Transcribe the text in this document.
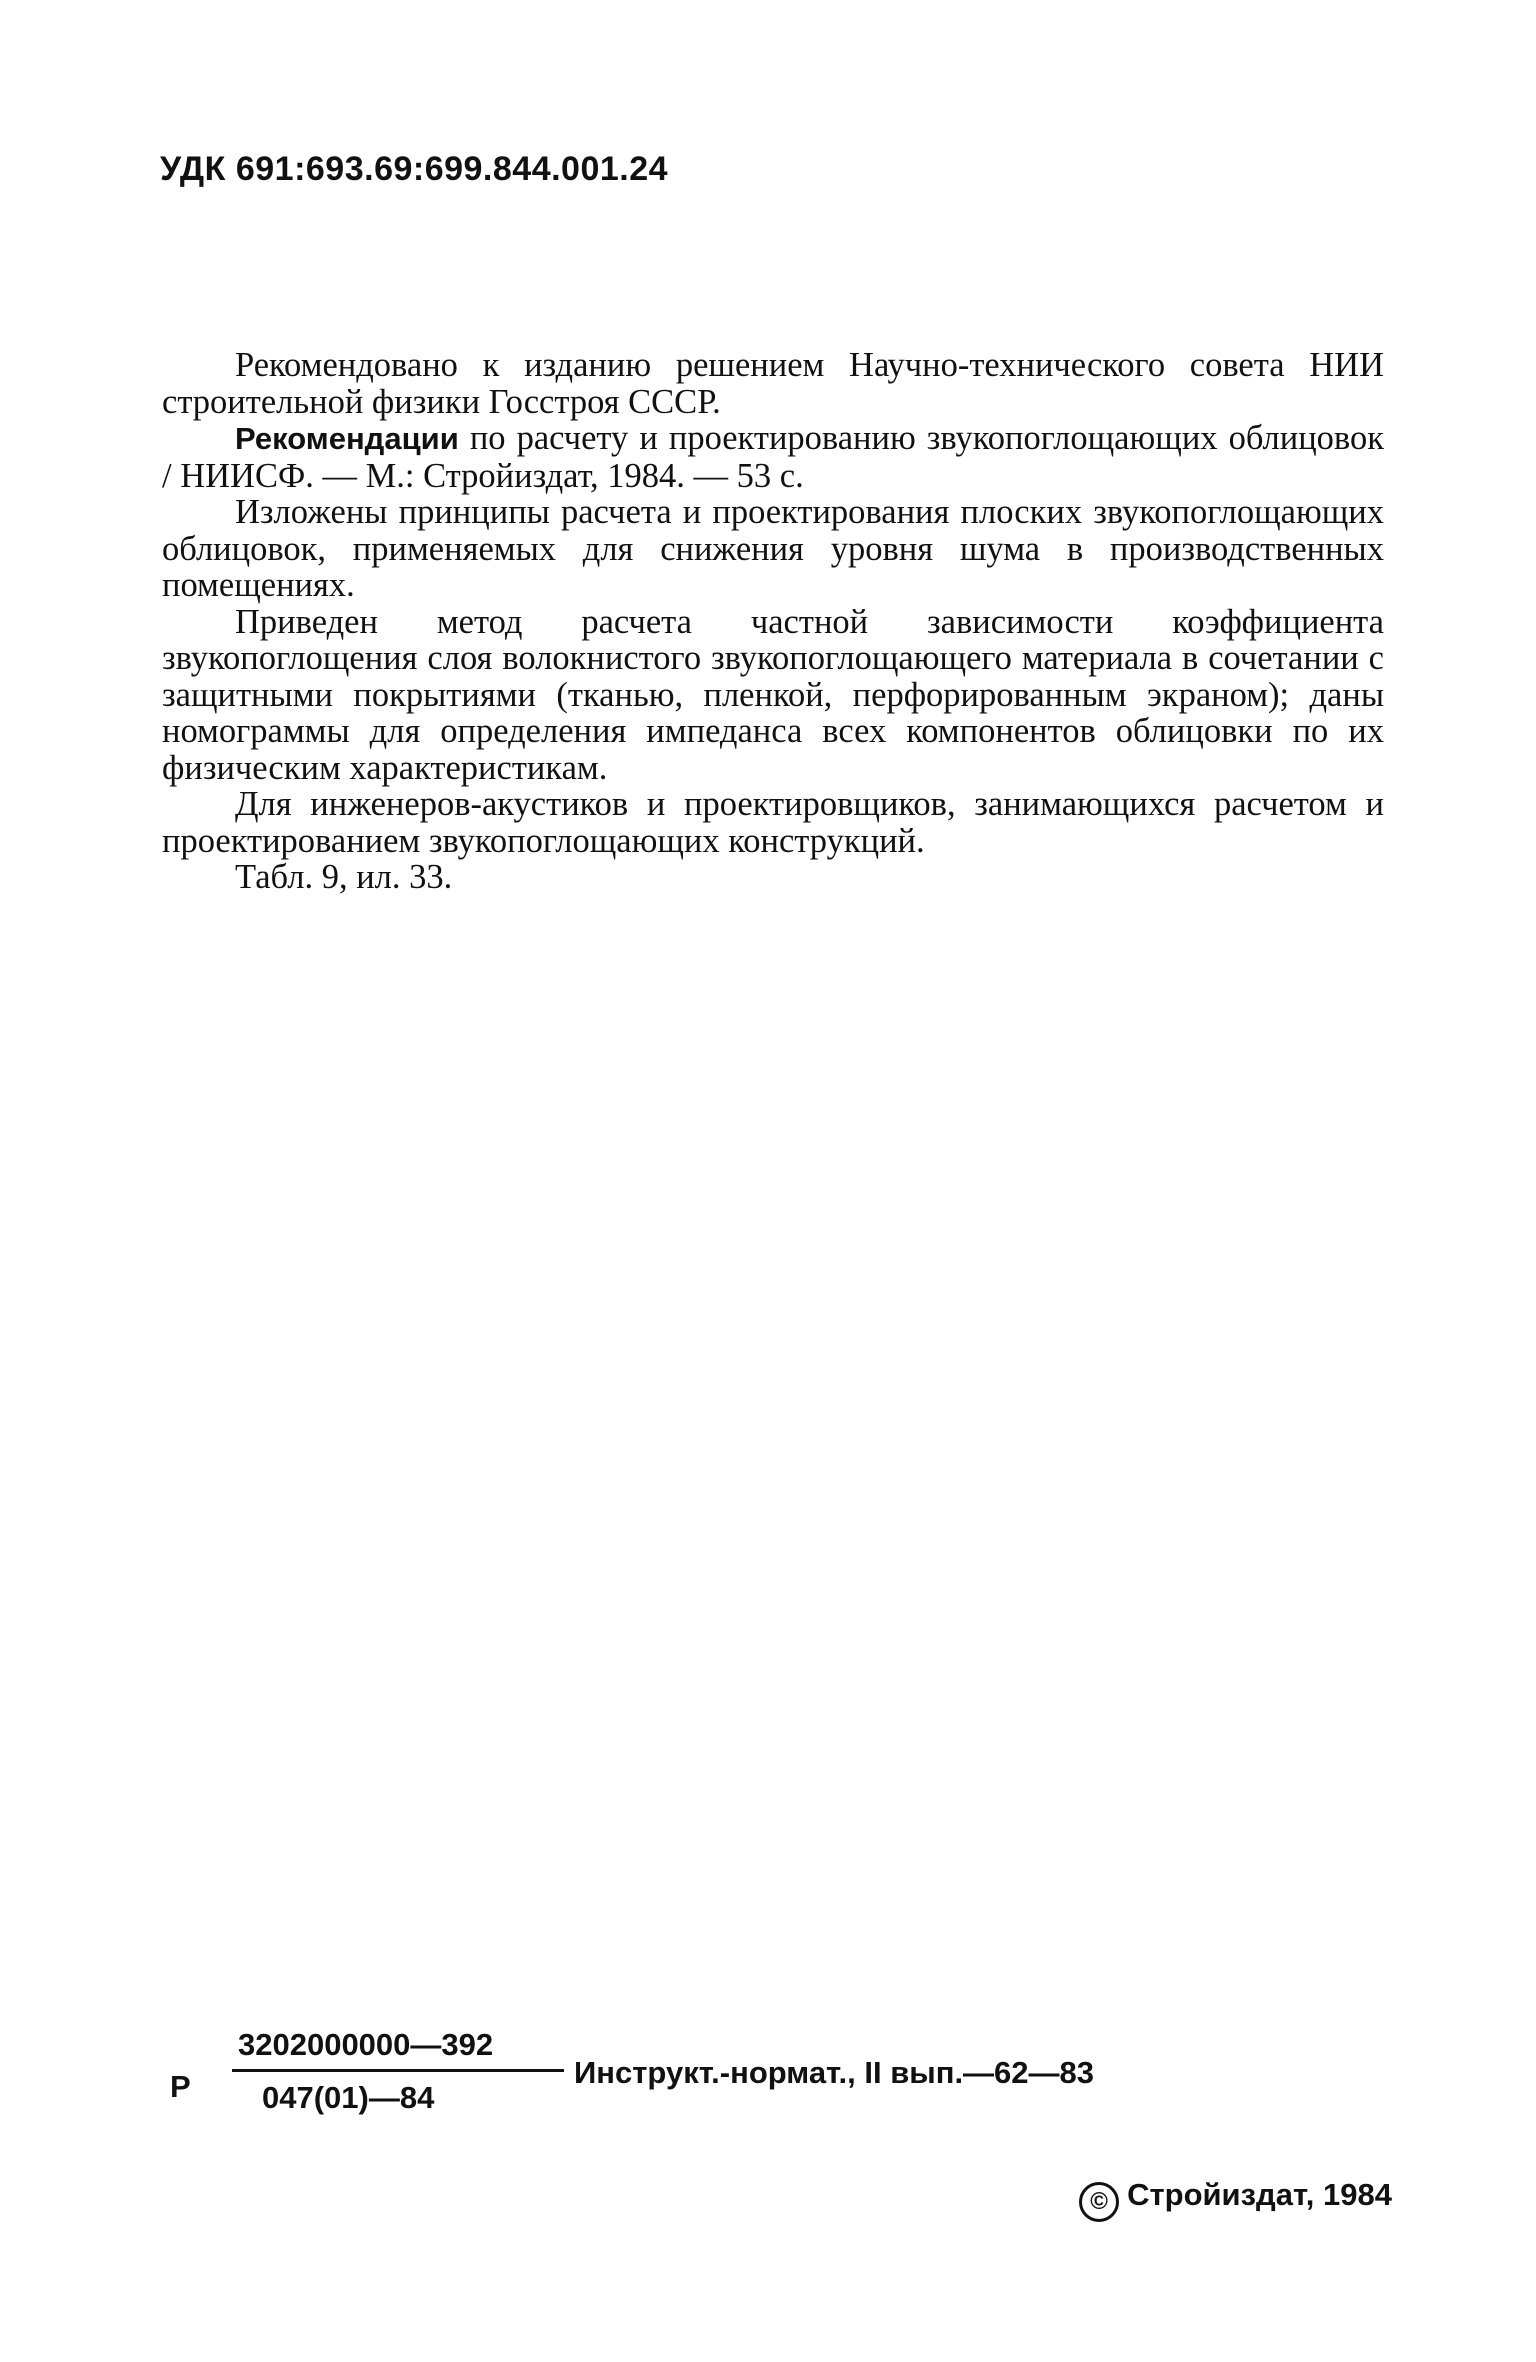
УДК 691:693.69:699.844.001.24

Рекомендовано к изданию решением Научно-технического совета НИИ строительной физики Госстроя СССР.

Рекомендации по расчету и проектированию звукопоглощающих облицовок / НИИСФ. — М.: Стройиздат, 1984. — 53 с.

Изложены принципы расчета и проектирования плоских звукопоглощающих облицовок, применяемых для снижения уровня шума в производственных помещениях.

Приведен метод расчета частной зависимости коэффициента звукопоглощения слоя волокнистого звукопоглощающего материала в сочетании с защитными покрытиями (тканью, пленкой, перфорированным экраном); даны номограммы для определения импеданса всех компонентов облицовки по их физическим характеристикам.

Для инженеров-акустиков и проектировщиков, занимающихся расчетом и проектированием звукопоглощающих конструкций.

Табл. 9, ил. 33.

Р
3202000000—392
047(01)—84
Инструкт.-нормат., II вып.—62—83
© Стройиздат, 1984
